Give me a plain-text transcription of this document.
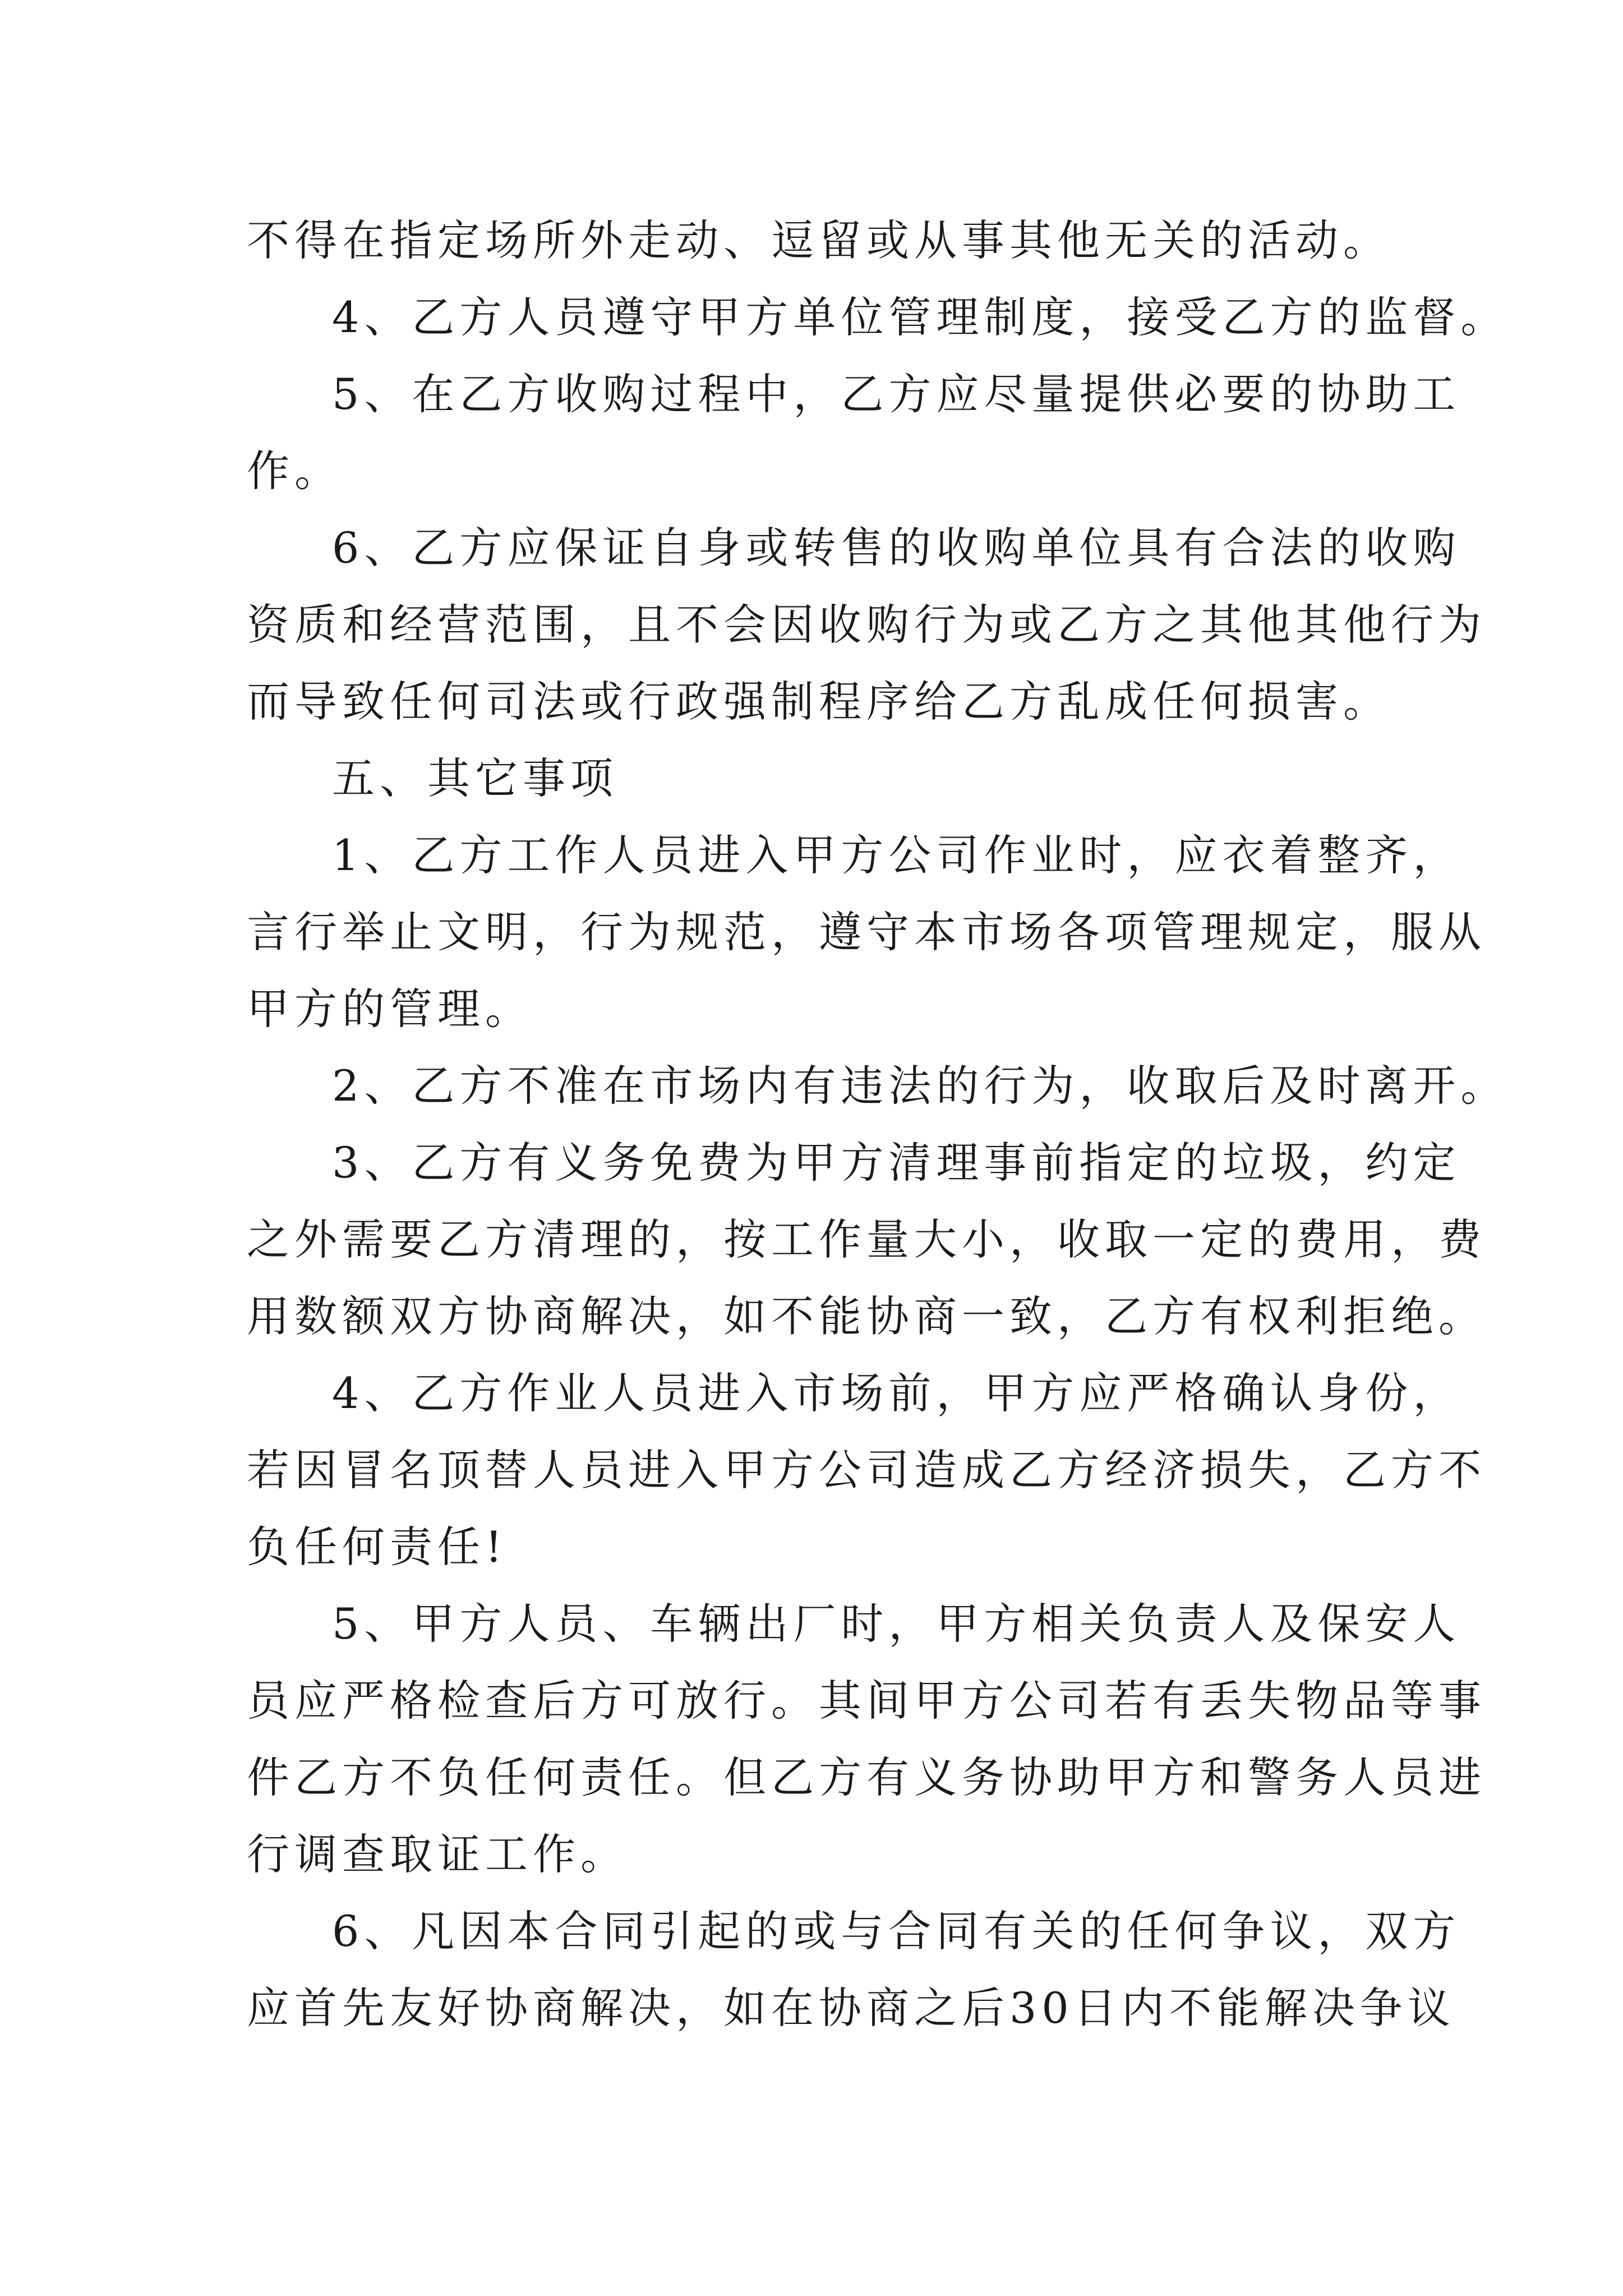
不得在指定场所外走动、逗留或从事其他无关的活动。
4、乙方人员遵守甲方单位管理制度，接受乙方的监督。
5、在乙方收购过程中，乙方应尽量提供必要的协助工
作。
6、乙方应保证自身或转售的收购单位具有合法的收购
资质和经营范围，且不会因收购行为或乙方之其他其他行为
而导致任何司法或行政强制程序给乙方乱成任何损害。
五、其它事项
1、乙方工作人员进入甲方公司作业时，应衣着整齐，
言行举止文明，行为规范，遵守本市场各项管理规定，服从
甲方的管理。
2、乙方不准在市场内有违法的行为，收取后及时离开。
3、乙方有义务免费为甲方清理事前指定的垃圾，约定
之外需要乙方清理的，按工作量大小，收取一定的费用，费
用数额双方协商解决，如不能协商一致，乙方有权利拒绝。
4、乙方作业人员进入市场前，甲方应严格确认身份，
若因冒名顶替人员进入甲方公司造成乙方经济损失，乙方不
负任何责任!
5、甲方人员、车辆出厂时，甲方相关负责人及保安人
员应严格检查后方可放行。其间甲方公司若有丢失物品等事
件乙方不负任何责任。但乙方有义务协助甲方和警务人员进
行调查取证工作。
6、凡因本合同引起的或与合同有关的任何争议，双方
应首先友好协商解决，如在协商之后30日内不能解决争议
